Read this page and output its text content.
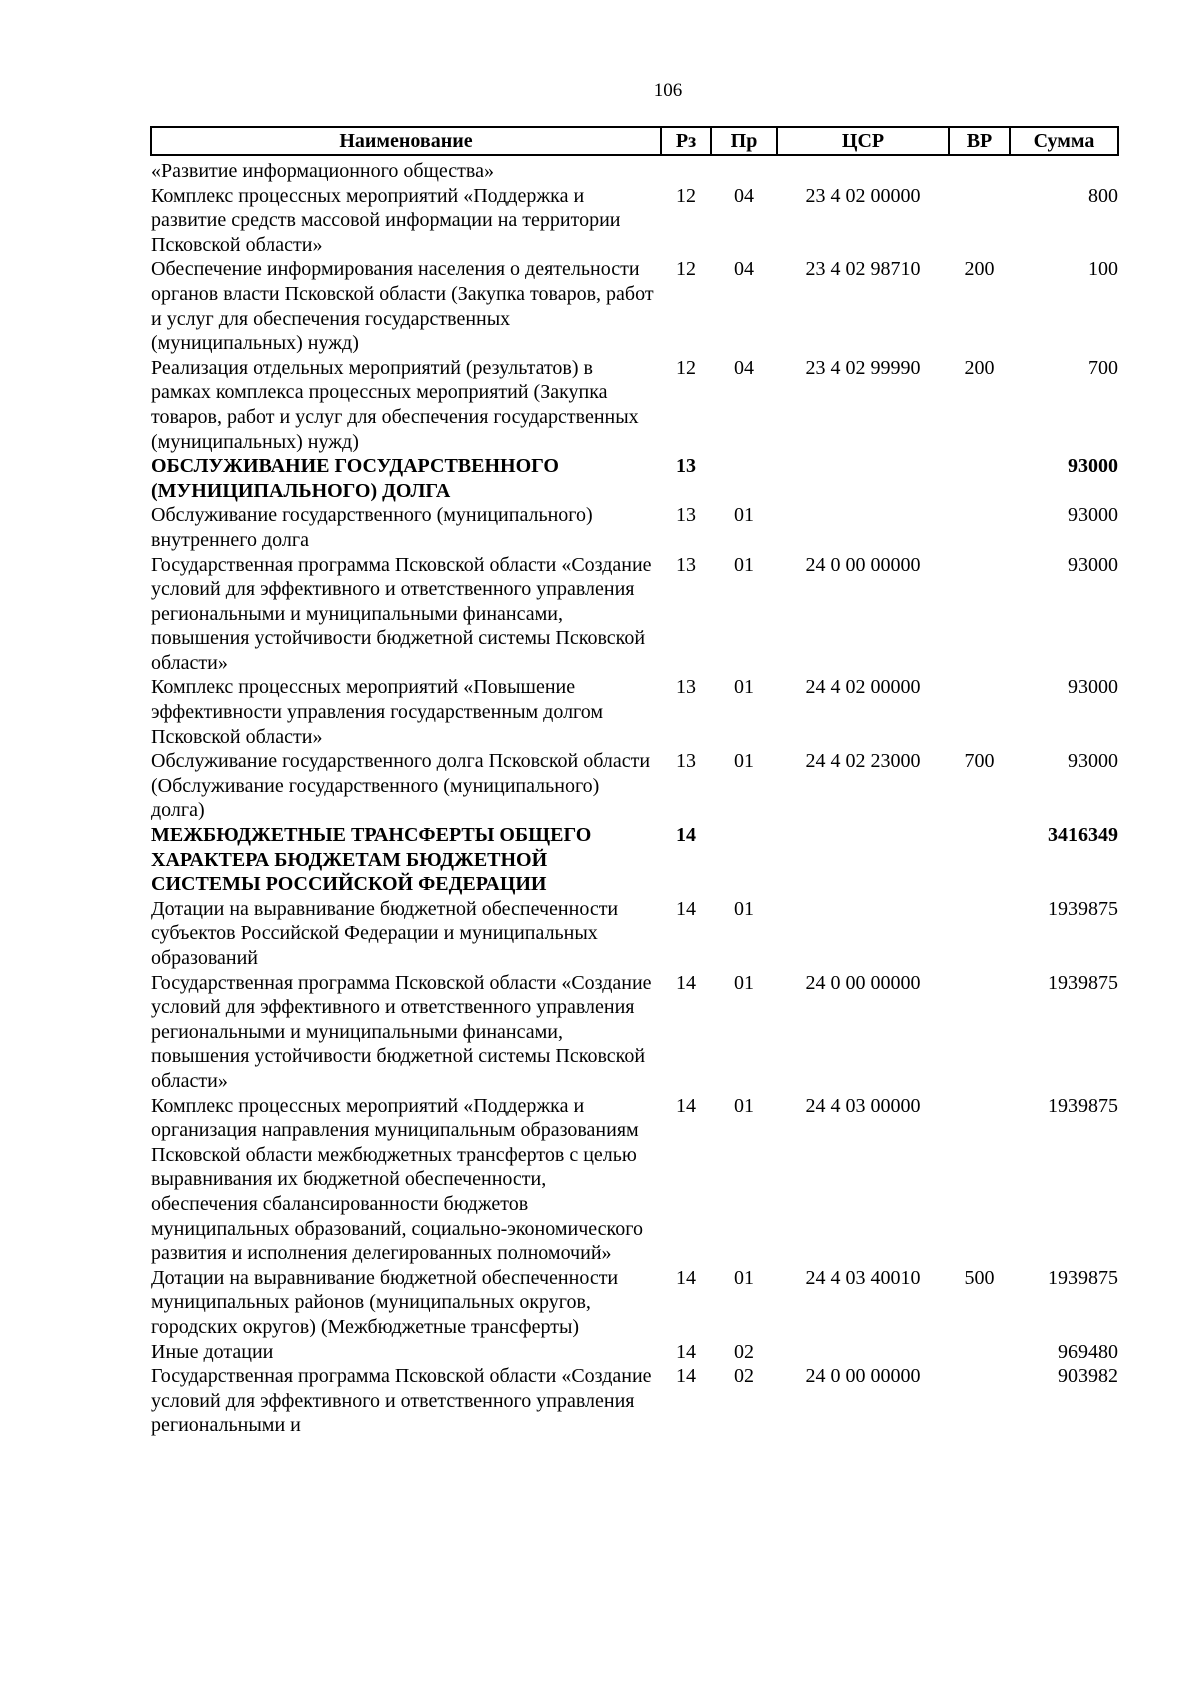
106
Наименование	Рз	Пр	ЦСР	ВР	Сумма
«Развитие информационного общества»					
Комплекс процессных мероприятий «Поддержка и развитие средств массовой информации на территории Псковской области»	12	04	23 4 02 00000		800
Обеспечение информирования населения о деятельности органов власти Псковской области (Закупка товаров, работ и услуг для обеспечения государственных (муниципальных) нужд)	12	04	23 4 02 98710	200	100
Реализация отдельных мероприятий (результатов) в рамках комплекса процессных мероприятий (Закупка товаров, работ и услуг для обеспечения государственных (муниципальных) нужд)	12	04	23 4 02 99990	200	700
ОБСЛУЖИВАНИЕ ГОСУДАРСТВЕННОГО (МУНИЦИПАЛЬНОГО) ДОЛГА	13				93000
Обслуживание государственного (муниципального) внутреннего долга	13	01			93000
Государственная программа Псковской области «Создание условий для эффективного и ответственного управления региональными и муниципальными финансами, повышения устойчивости бюджетной системы Псковской области»	13	01	24 0 00 00000		93000
Комплекс процессных мероприятий «Повышение эффективности управления государственным долгом Псковской области»	13	01	24 4 02 00000		93000
Обслуживание государственного долга Псковской области (Обслуживание государственного (муниципального) долга)	13	01	24 4 02 23000	700	93000
МЕЖБЮДЖЕТНЫЕ ТРАНСФЕРТЫ ОБЩЕГО ХАРАКТЕРА БЮДЖЕТАМ БЮДЖЕТНОЙ СИСТЕМЫ РОССИЙСКОЙ ФЕДЕРАЦИИ	14				3416349
Дотации на выравнивание бюджетной обеспеченности субъектов Российской Федерации и муниципальных образований	14	01			1939875
Государственная программа Псковской области «Создание условий для эффективного и ответственного управления региональными и муниципальными финансами, повышения устойчивости бюджетной системы Псковской области»	14	01	24 0 00 00000		1939875
Комплекс процессных мероприятий «Поддержка и организация направления муниципальным образованиям Псковской области межбюджетных трансфертов с целью выравнивания их бюджетной обеспеченности, обеспечения сбалансированности бюджетов муниципальных образований, социально-экономического развития и исполнения делегированных полномочий»	14	01	24 4 03 00000		1939875
Дотации на выравнивание бюджетной обеспеченности муниципальных районов (муниципальных округов, городских округов) (Межбюджетные трансферты)	14	01	24 4 03 40010	500	1939875
Иные дотации	14	02			969480
Государственная программа Псковской области «Создание условий для эффективного и ответственного управления региональными и	14	02	24 0 00 00000		903982
